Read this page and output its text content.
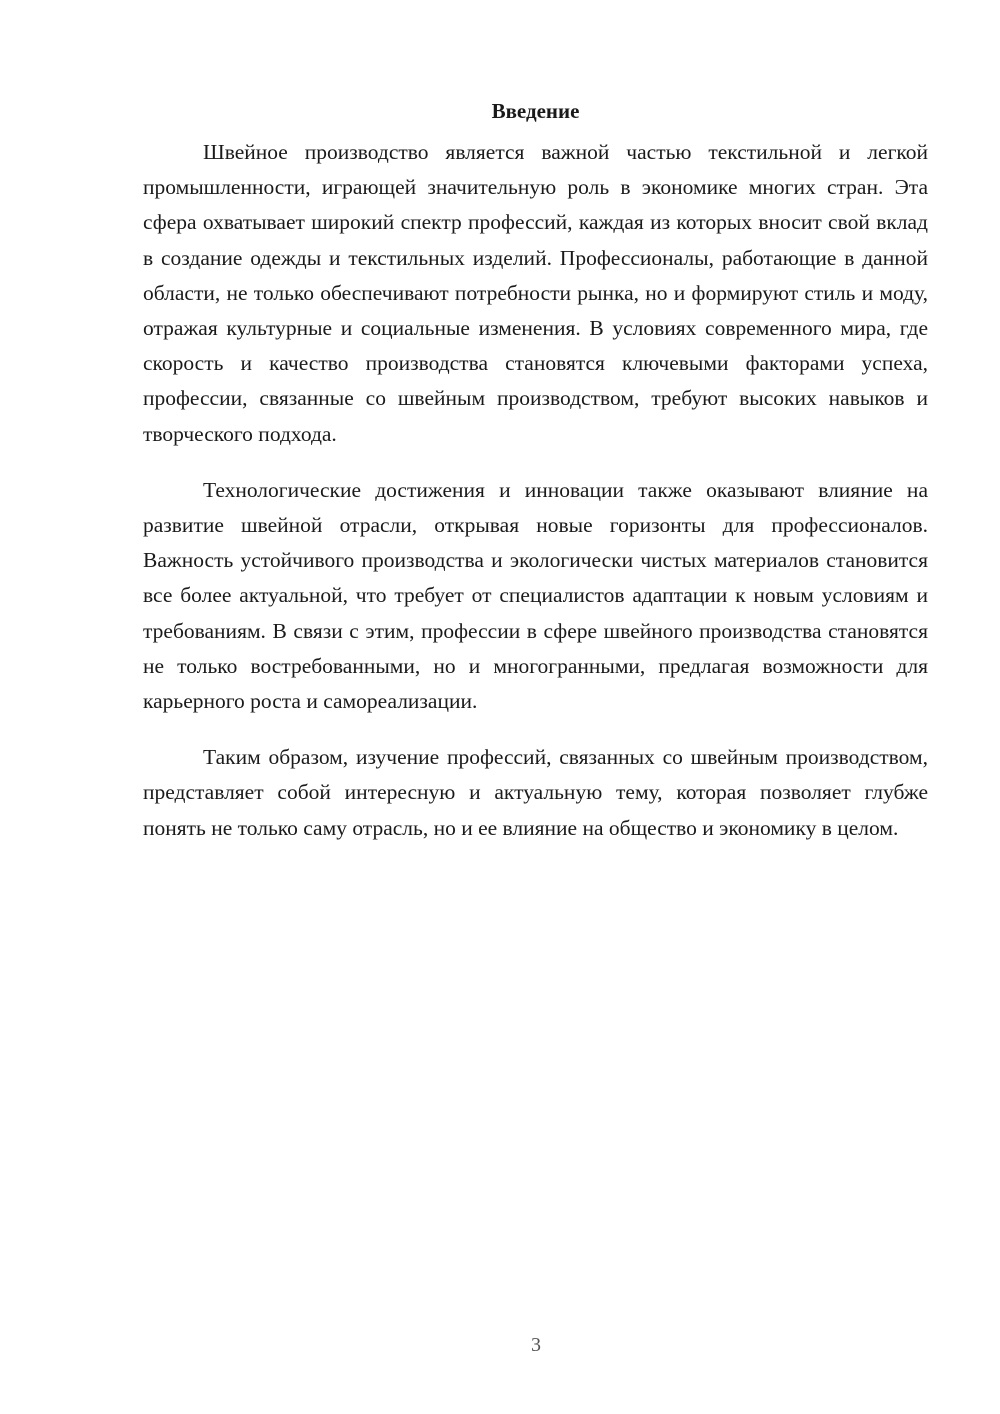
Введение

Швейное производство является важной частью текстильной и легкой промышленности, играющей значительную роль в экономике многих стран. Эта сфера охватывает широкий спектр профессий, каждая из которых вносит свой вклад в создание одежды и текстильных изделий. Профессионалы, работающие в данной области, не только обеспечивают потребности рынка, но и формируют стиль и моду, отражая культурные и социальные изменения. В условиях современного мира, где скорость и качество производства становятся ключевыми факторами успеха, профессии, связанные со швейным производством, требуют высоких навыков и творческого подхода.

Технологические достижения и инновации также оказывают влияние на развитие швейной отрасли, открывая новые горизонты для профессионалов. Важность устойчивого производства и экологически чистых материалов становится все более актуальной, что требует от специалистов адаптации к новым условиям и требованиям. В связи с этим, профессии в сфере швейного производства становятся не только востребованными, но и многогранными, предлагая возможности для карьерного роста и самореализации.

Таким образом, изучение профессий, связанных со швейным производством, представляет собой интересную и актуальную тему, которая позволяет глубже понять не только саму отрасль, но и ее влияние на общество и экономику в целом.

3
